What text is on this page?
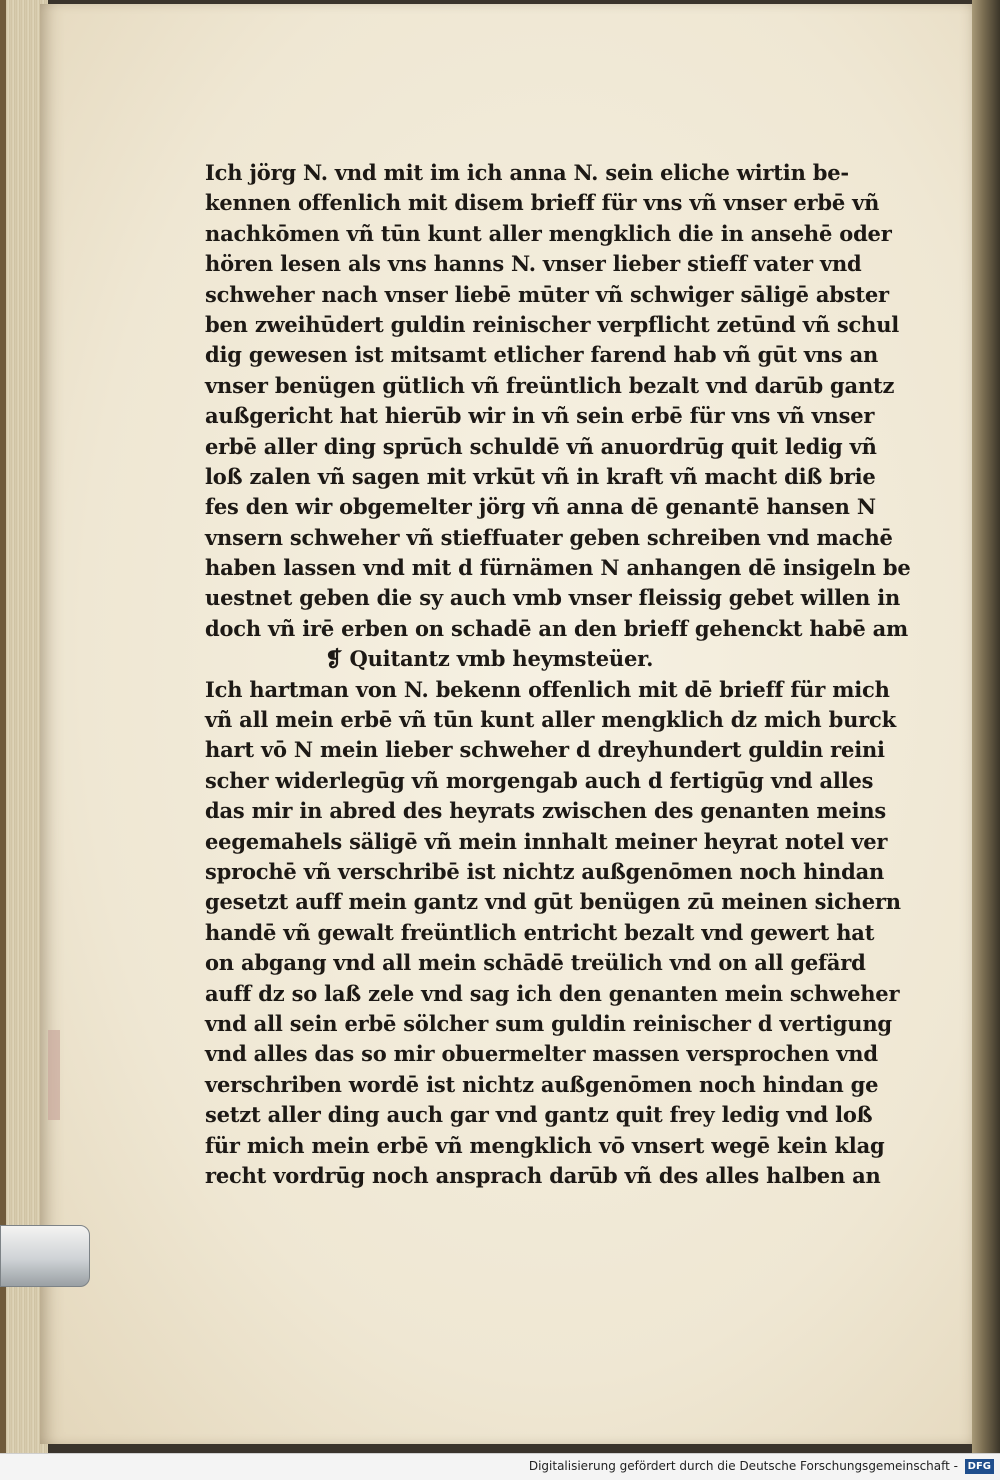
Ich jörg N. vnd mit im ich anna N. sein eliche wirtin be-
kennen offenlich mit disem brieff für vns vñ vnser erbē vñ
nachkōmen vñ tūn kunt aller mengklich die in ansehē oder
hören lesen als vns hanns N. vnser lieber stieff vater vnd
schweher nach vnser liebē mūter vñ schwiger sāligē abster
ben zweihūdert guldin reinischer verpflicht zetūnd vñ schul
dig gewesen ist mitsamt etlicher farend hab vñ gūt vns an
vnser benügen gütlich vñ freüntlich bezalt vnd darūb gantz
außgericht hat hierūb wir in vñ sein erbē für vns vñ vnser
erbē aller ding sprūch schuldē vñ anuordrūg quit ledig vñ
loß zalen vñ sagen mit vrkūt vñ in kraft vñ macht diß brie
fes den wir obgemelter jörg vñ anna dē genantē hansen N
vnsern schweher vñ stieffuater geben schreiben vnd machē
haben lassen vnd mit d fürnämen N anhangen dē insigeln be
uestnet geben die sy auch vmb vnser fleissig gebet willen in
doch vñ irē erben on schadē an den brieff gehenckt habē am
❡ Quitantz vmb heymsteüer.
Ich hartman von N. bekenn offenlich mit dē brieff für mich
vñ all mein erbē vñ tūn kunt aller mengklich dz mich burck
hart vō N mein lieber schweher d dreyhundert guldin reini
scher widerlegūg vñ morgengab auch d fertigūg vnd alles
das mir in abred des heyrats zwischen des genanten meins
eegemahels säligē vñ mein innhalt meiner heyrat notel ver
sprochē vñ verschribē ist nichtz außgenōmen noch hindan
gesetzt auff mein gantz vnd gūt benügen zū meinen sichern
handē vñ gewalt freüntlich entricht bezalt vnd gewert hat
on abgang vnd all mein schādē treülich vnd on all gefärd
auff dz so laß zele vnd sag ich den genanten mein schweher
vnd all sein erbē sölcher sum guldin reinischer d vertigung
vnd alles das so mir obuermelter massen versprochen vnd
verschriben wordē ist nichtz außgenōmen noch hindan ge
setzt aller ding auch gar vnd gantz quit frey ledig vnd loß
für mich mein erbē vñ mengklich vō vnsert wegē kein klag
recht vordrūg noch ansprach darūb vñ des alles halben an
Digitalisierung gefördert durch die Deutsche Forschungsgemeinschaft - DFG
